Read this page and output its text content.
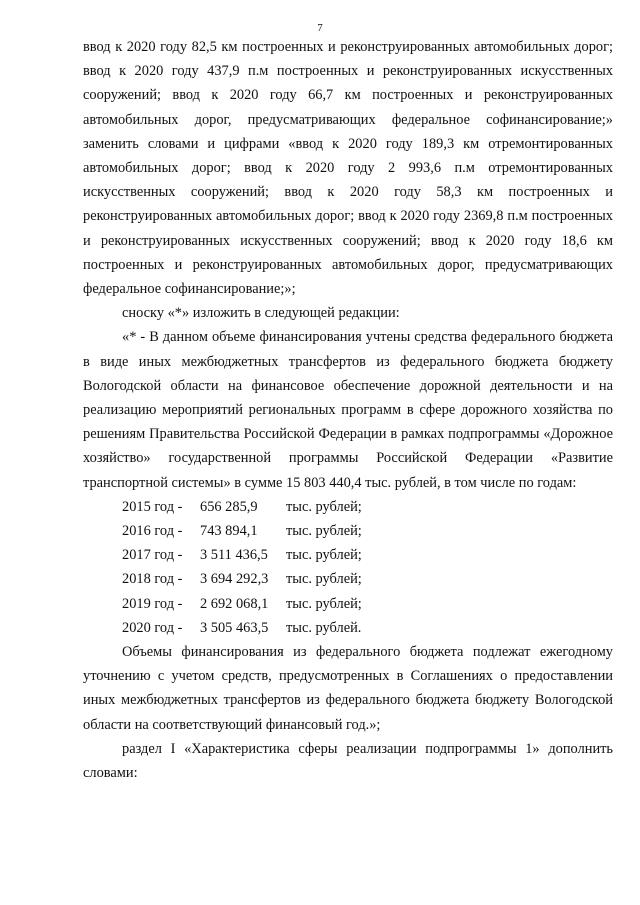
7

ввод к 2020 году 82,5 км построенных и реконструированных автомобильных дорог; ввод к 2020 году 437,9 п.м построенных и реконструированных искусственных сооружений; ввод к 2020 году 66,7 км построенных и реконструированных автомобильных дорог, предусматривающих федеральное софинансирование;» заменить словами и цифрами «ввод к 2020 году 189,3 км отремонтированных автомобильных дорог; ввод к 2020 году 2 993,6 п.м отремонтированных искусственных сооружений; ввод к 2020 году 58,3 км построенных и реконструированных автомобильных дорог; ввод к 2020 году 2369,8 п.м построенных и реконструированных искусственных сооружений; ввод к 2020 году 18,6 км построенных и реконструированных автомобильных дорог, предусматривающих федеральное софинансирование;»;

сноску «*» изложить в следующей редакции:

«* - В данном объеме финансирования учтены средства федерального бюджета в виде иных межбюджетных трансфертов из федерального бюджета бюджету Вологодской области на финансовое обеспечение дорожной деятельности и на реализацию мероприятий региональных программ в сфере дорожного хозяйства по решениям Правительства Российской Федерации в рамках подпрограммы «Дорожное хозяйство» государственной программы Российской Федерации «Развитие транспортной системы» в сумме 15 803 440,4 тыс. рублей, в том числе по годам:

2015 год -	656 285,9	тыс. рублей;
2016 год -	743 894,1	тыс. рублей;
2017 год -	3 511 436,5	тыс. рублей;
2018 год -	3 694 292,3	тыс. рублей;
2019 год -	2 692 068,1	тыс. рублей;
2020 год -	3 505 463,5	тыс. рублей.

Объемы финансирования из федерального бюджета подлежат ежегодному уточнению с учетом средств, предусмотренных в Соглашениях о предоставлении иных межбюджетных трансфертов из федерального бюджета бюджету Вологодской области на соответствующий финансовый год.»;

раздел I «Характеристика сферы реализации подпрограммы 1» дополнить словами:
